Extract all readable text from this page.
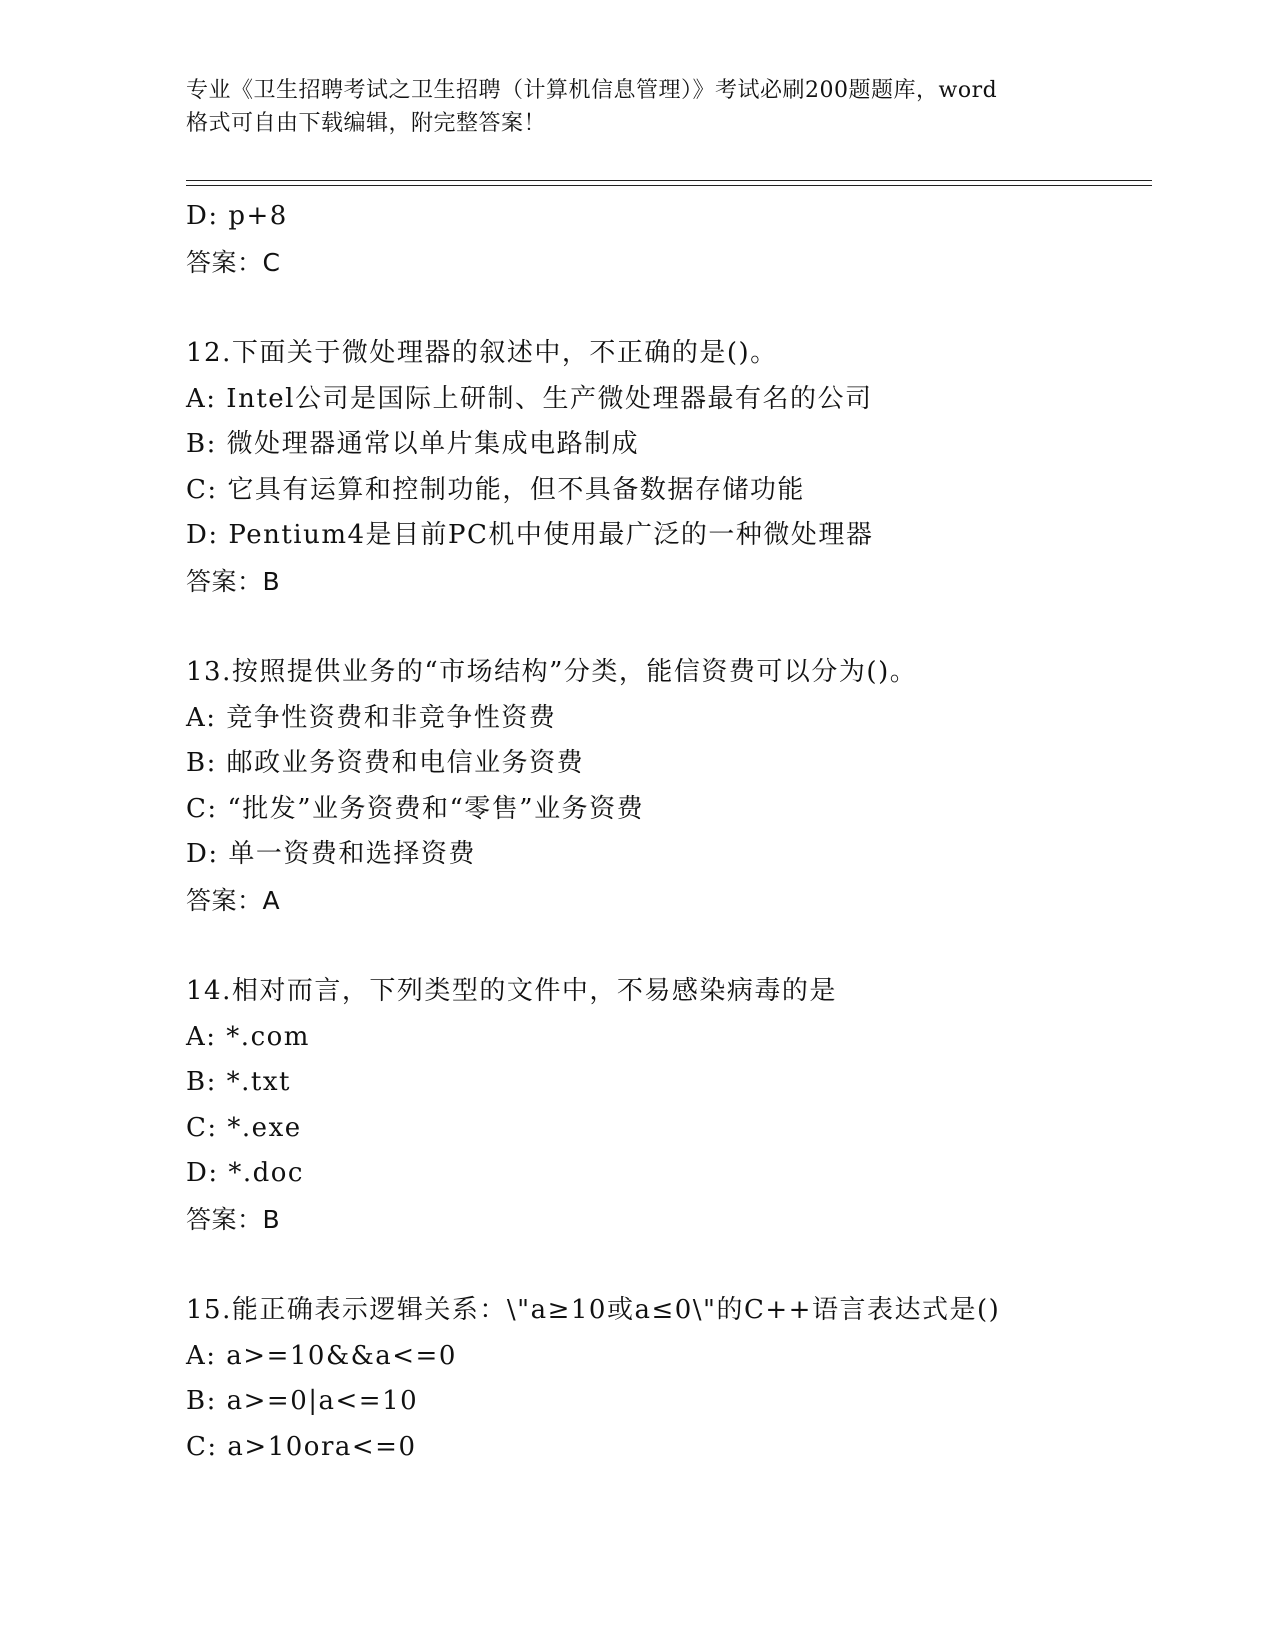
专业《卫生招聘考试之卫生招聘（计算机信息管理）》考试必刷200题题库，word
格式可自由下载编辑，附完整答案！
D: p+8
答案：C
12.下面关于微处理器的叙述中，不正确的是()。
A: Intel公司是国际上研制、生产微处理器最有名的公司
B: 微处理器通常以单片集成电路制成
C: 它具有运算和控制功能，但不具备数据存储功能
D: Pentium4是目前PC机中使用最广泛的一种微处理器
答案：B
13.按照提供业务的“市场结构”分类，能信资费可以分为()。
A: 竞争性资费和非竞争性资费
B: 邮政业务资费和电信业务资费
C: “批发”业务资费和“零售”业务资费
D: 单一资费和选择资费
答案：A
14.相对而言，下列类型的文件中，不易感染病毒的是
A: *.com
B: *.txt
C: *.exe
D: *.doc
答案：B
15.能正确表示逻辑关系：\"a≥10或a≤0\"的C++语言表达式是()
A: a>=10&&a<=0
B: a>=0|a<=10
C: a>10ora<=0
